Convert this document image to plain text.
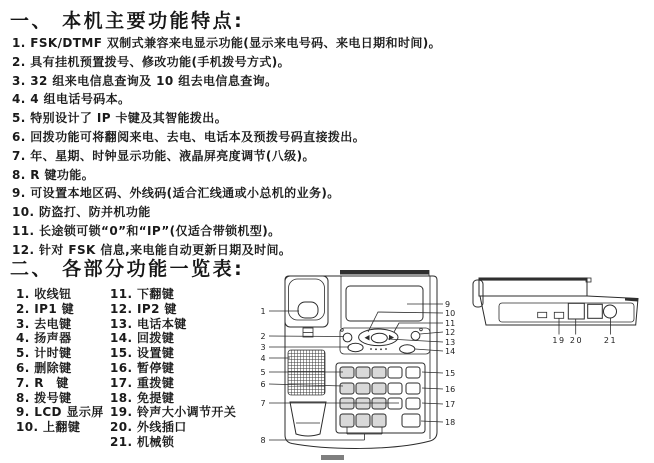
一、 本机主要功能特点:
1. FSK/DTMF 双制式兼容来电显示功能(显示来电号码、来电日期和时间)。
2. 具有挂机预置拨号、修改功能(手机拨号方式)。
3. 32 组来电信息查询及 10 组去电信息查询。
4. 4 组电话号码本。
5. 特别设计了 IP 卡键及其智能拨出。
6. 回拨功能可将翻阅来电、去电、电话本及预拨号码直接拨出。
7. 年、星期、时钟显示功能、液晶屏亮度调节(八级)。
8. R 键功能。
9. 可设置本地区码、外线码(适合汇线通或小总机的业务)。
10. 防盗打、防并机功能
11. 长途锁可锁“0”和“IP”(仅适合带锁机型)。
12. 针对 FSK 信息,来电能自动更新日期及时间。
二、 各部分功能一览表:
1. 收线钮
2. IP1 键
3. 去电键
4. 扬声器
5. 计时键
6. 删除键
7. R　键
8. 拨号键
9. LCD 显示屏
10. 上翻键
11. 下翻键
12. IP2 键
13. 电话本键
14. 回拨键
15. 设置键
16. 暂停键
17. 重拨键
18. 免提键
19. 铃声大小调节开关
20. 外线插口
21. 机械锁
1
2
3
4
5
6
7
8
9
10
11
12
13
14
15
16
17
18
19 20	21
